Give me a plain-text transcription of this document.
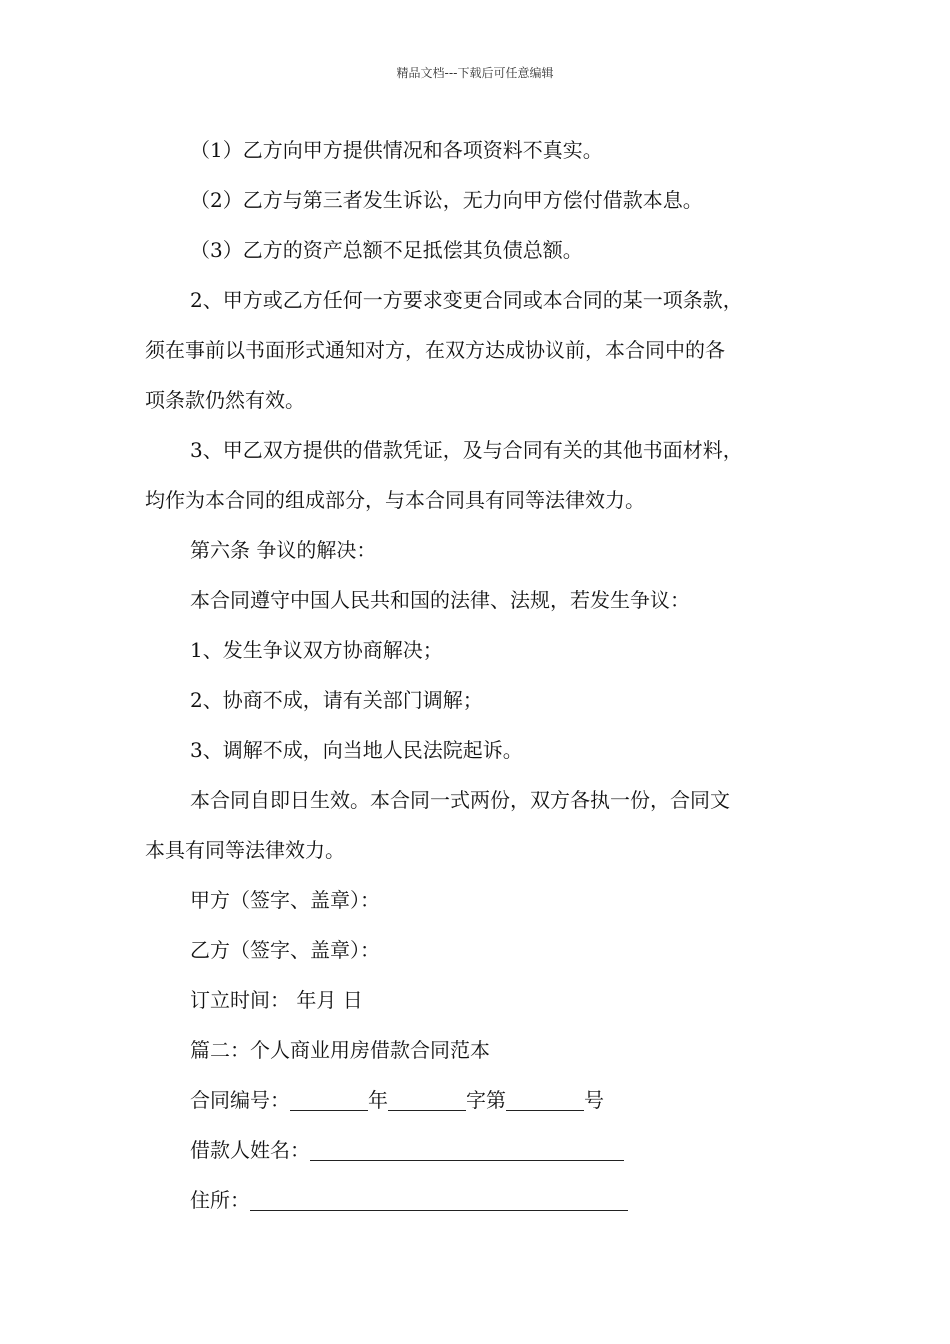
精品文档---下载后可任意编辑
（1）乙方向甲方提供情况和各项资料不真实。
（2）乙方与第三者发生诉讼，无力向甲方偿付借款本息。
（3）乙方的资产总额不足抵偿其负债总额。
2、甲方或乙方任何一方要求变更合同或本合同的某一项条款，
须在事前以书面形式通知对方，在双方达成协议前，本合同中的各
项条款仍然有效。
3、甲乙双方提供的借款凭证，及与合同有关的其他书面材料，
均作为本合同的组成部分，与本合同具有同等法律效力。
第六条 争议的解决：
本合同遵守中国人民共和国的法律、法规，若发生争议：
1、发生争议双方协商解决；
2、协商不成，请有关部门调解；
3、调解不成，向当地人民法院起诉。
本合同自即日生效。本合同一式两份，双方各执一份，合同文
本具有同等法律效力。
甲方（签字、盖章）：
乙方（签字、盖章）：
订立时间： 年月 日
篇二：个人商业用房借款合同范本
合同编号：	年	字第	号
借款人姓名：
住所：
